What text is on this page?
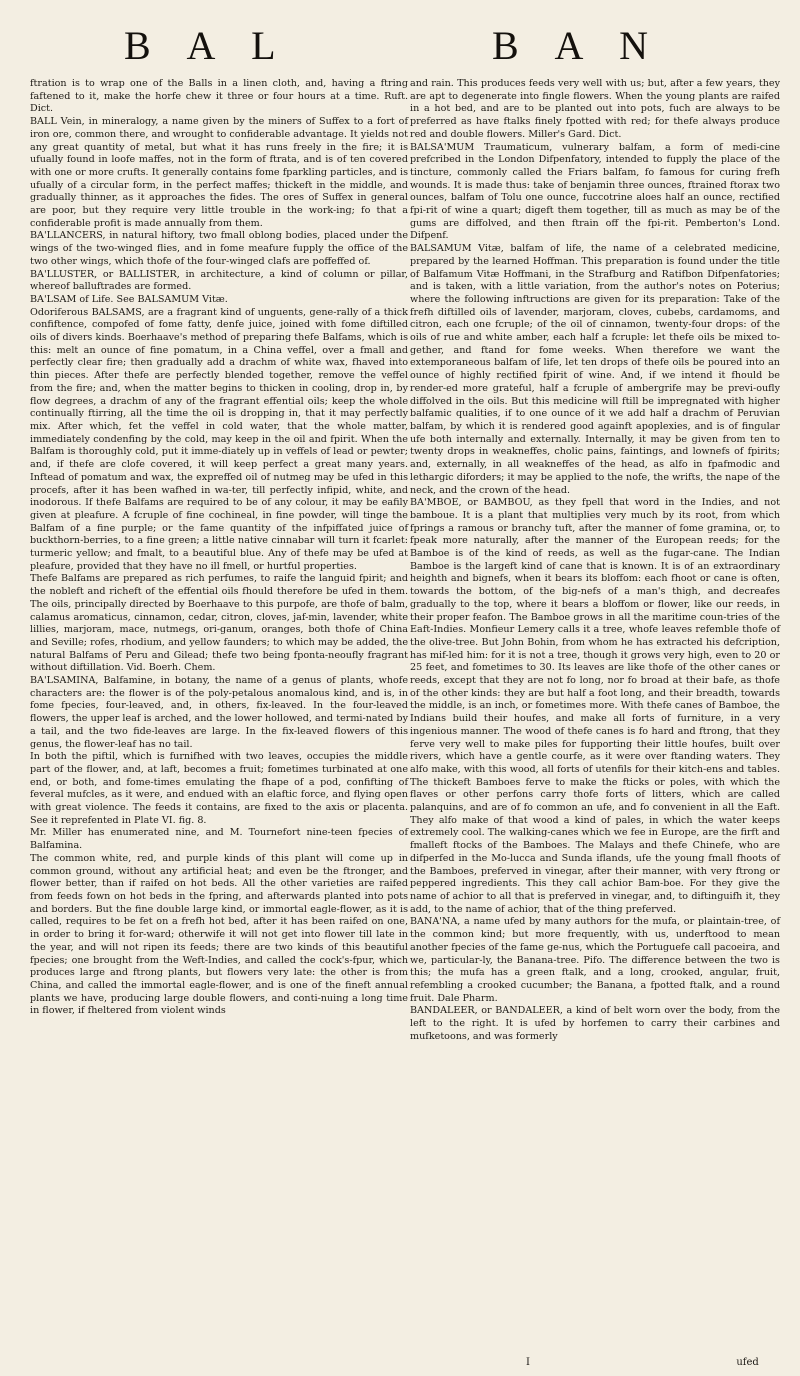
B A L	B A N

ftration is to wrap one of the Balls in a linen cloth, and, having a ftring faftened to it, make the horfe chew it three or four hours at a time. Ruft. Dict.

BALL Vein, in mineralogy, a name given by the miners of Suffex to a fort of iron ore, common there, and wrought to confiderable advantage. It yields not any great quantity of metal, but what it has runs freely in the fire; it is ufually found in loofe maffes, not in the form of ftrata, and is of ten covered with one or more crufts. It generally contains fome fparkling particles, and is ufually of a circular form, in the perfect maffes; thickeft in the middle, and gradually thinner, as it approaches the fides. The ores of Suffex in general are poor, but they require very little trouble in the work-ing; fo that a confiderable profit is made annually from them.

BA'LLANCERS, in natural hiftory, two fmall oblong bodies, placed under the wings of the two-winged flies, and in fome meafure fupply the office of the two other wings, which thofe of the four-winged clafs are poffeffed of.

BA'LLUSTER, or BALLISTER, in architecture, a kind of column or pillar, whereof balluftrades are formed.

BA'LSAM of Life. See BALSAMUM Vitæ.

Odoriferous BALSAMS, are a fragrant kind of unguents, gene-rally of a thick confiftence, compofed of fome fatty, denfe juice, joined with fome diftilled oils of divers kinds. Boerhaave's method of preparing thefe Balfams, which is this: melt an ounce of fine pomatum, in a China veffel, over a fmall and perfectly clear fire; then gradually add a drachm of white wax, fhaved into thin pieces. After thefe are perfectly blended together, remove the veffel from the fire; and, when the matter begins to thicken in cooling, drop in, by flow degrees, a drachm of any of the fragrant effential oils; keep the whole continually ftirring, all the time the oil is dropping in, that it may perfectly mix. After which, fet the veffel in cold water, that the whole matter, immediately condenfing by the cold, may keep in the oil and fpirit. When the Balfam is thoroughly cold, put it imme-diately up in veffels of lead or pewter; and, if thefe are clofe covered, it will keep perfect a great many years. Inftead of pomatum and wax, the expreffed oil of nutmeg may be ufed in this procefs, after it has been wafhed in wa-ter, till perfectly infipid, white, and inodorous. If thefe Balfams are required to be of any colour, it may be eafily given at pleafure. A fcruple of fine cochineal, in fine powder, will tinge the Balfam of a fine purple; or the fame quantity of the infpiffated juice of buckthorn-berries, to a fine green; a little native cinnabar will turn it fcarlet: turmeric yellow; and fmalt, to a beautiful blue. Any of thefe may be ufed at pleafure, provided that they have no ill fmell, or hurtful properties.

Thefe Balfams are prepared as rich perfumes, to raife the languid fpirit; and the nobleft and richeft of the effential oils fhould therefore be ufed in them. The oils, principally directed by Boerhaave to this purpofe, are thofe of balm, calamus aromaticus, cinnamon, cedar, citron, cloves, jaf-min, lavender, white lillies, marjoram, mace, nutmegs, ori-ganum, oranges, both thofe of China and Seville; rofes, rhodium, and yellow faunders; to which may be added, the natural Balfams of Peru and Gilead; thefe two being fponta-neoufly fragrant without diftillation. Vid. Boerh. Chem.

BA'LSAMINA, Balfamine, in botany, the name of a genus of plants, whofe characters are: the flower is of the poly-petalous anomalous kind, and is, in fome fpecies, four-leaved, and, in others, fix-leaved. In the four-leaved flowers, the upper leaf is arched, and the lower hollowed, and termi-nated by a tail, and the two fide-leaves are large. In the fix-leaved flowers of this genus, the flower-leaf has no tail.

In both the piftil, which is furnifhed with two leaves, occupies the middle part of the flower, and, at laft, becomes a fruit; fometimes turbinated at one end, or both, and fome-times emulating the fhape of a pod, confifting of feveral mufcles, as it were, and endued with an elaftic force, and flying open with great violence. The feeds it contains, are fixed to the axis or placenta. See it reprefented in Plate VI. fig. 8.

Mr. Miller has enumerated nine, and M. Tournefort nine-teen fpecies of Balfamina.

The common white, red, and purple kinds of this plant will come up in common ground, without any artificial heat; and even be the ftronger, and flower better, than if raifed on hot beds. All the other varieties are raifed from feeds fown on hot beds in the fpring, and afterwards planted into pots and borders. But the fine double large kind, or immortal eagle-flower, as it is called, requires to be fet on a frefh hot bed, after it has been raifed on one, in order to bring it for-ward; otherwife it will not get into flower till late in the year, and will not ripen its feeds; there are two kinds of this beautiful fpecies; one brought from the Weft-Indies, and called the cock's-fpur, which produces large and ftrong plants, but flowers very late: the other is from China, and called the immortal eagle-flower, and is one of the fineft annual plants we have, producing large double flowers, and conti-nuing a long time in flower, if fheltered from violent winds

and rain. This produces feeds very well with us; but, after a few years, they are apt to degenerate into fingle flowers. When the young plants are raifed in a hot bed, and are to be planted out into pots, fuch are always to be preferred as have ftalks finely fpotted with red; for thefe always produce red and double flowers. Miller's Gard. Dict.

BALSA'MUM Traumaticum, vulnerary balfam, a form of medi-cine prefcribed in the London Difpenfatory, intended to fupply the place of the tincture, commonly called the Friars balfam, fo famous for curing frefh wounds. It is made thus: take of benjamin three ounces, ftrained ftorax two ounces, balfam of Tolu one ounce, fuccotrine aloes half an ounce, rectified fpi-rit of wine a quart; digeft them together, till as much as may be of the gums are diffolved, and then ftrain off the fpi-rit. Pemberton's Lond. Difpenf.

BALSAMUM Vitæ, balfam of life, the name of a celebrated medicine, prepared by the learned Hoffman. This preparation is found under the title of Balfamum Vitæ Hoffmani, in the Strafburg and Ratifbon Difpenfatories; and is taken, with a little variation, from the author's notes on Poterius; where the following inftructions are given for its preparation: Take of the frefh diftilled oils of lavender, marjoram, cloves, cubebs, cardamoms, and citron, each one fcruple; of the oil of cinnamon, twenty-four drops: of the oils of rue and white amber, each half a fcruple: let thefe oils be mixed to-gether, and ftand for fome weeks. When therefore we want the extemporaneous balfam of life, let ten drops of thefe oils be poured into an ounce of highly rectified fpirit of wine. And, if we intend it fhould be render-ed more grateful, half a fcruple of ambergrife may be previ-oufly diffolved in the oils. But this medicine will ftill be impregnated with higher balfamic qualities, if to one ounce of it we add half a drachm of Peruvian balfam, by which it is rendered good againft apoplexies, and is of fingular ufe both internally and externally. Internally, it may be given from ten to twenty drops in weakneffes, cholic pains, faintings, and lownefs of fpirits; and, externally, in all weakneffes of the head, as alfo in fpafmodic and lethargic diforders; it may be applied to the nofe, the wrifts, the nape of the neck, and the crown of the head.

BA'MBOE, or BAMBOU, as they fpell that word in the Indies, and not bamboue. It is a plant that multiplies very much by its root, from which fprings a ramous or branchy tuft, after the manner of fome gramina, or, to fpeak more naturally, after the manner of the European reeds; for the Bamboe is of the kind of reeds, as well as the fugar-cane. The Indian Bamboe is the largeft kind of cane that is known. It is of an extraordinary heighth and bignefs, when it bears its bloffom: each fhoot or cane is often, towards the bottom, of the big-nefs of a man's thigh, and decreafes gradually to the top, where it bears a bloffom or flower, like our reeds, in their proper feafon. The Bamboe grows in all the maritime coun-tries of the Eaft-Indies. Monfieur Lemery calls it a tree, whofe leaves refemble thofe of the olive-tree. But John Bohin, from whom he has extracted his defcription, has mif-led him: for it is not a tree, though it grows very high, even to 20 or 25 feet, and fometimes to 30. Its leaves are like thofe of the other canes or reeds, except that they are not fo long, nor fo broad at their bafe, as thofe of the other kinds: they are but half a foot long, and their breadth, towards the middle, is an inch, or fometimes more. With thefe canes of Bamboe, the Indians build their houfes, and make all forts of furniture, in a very ingenious manner. The wood of thefe canes is fo hard and ftrong, that they ferve very well to make piles for fupporting their little houfes, built over rivers, which have a gentle courfe, as it were over ftanding waters. They alfo make, with this wood, all forts of utenfils for their kitch-ens and tables. The thickeft Bamboes ferve to make the fticks or poles, with which the flaves or other perfons carry thofe forts of litters, which are called palanquins, and are of fo common an ufe, and fo convenient in all the Eaft. They alfo make of that wood a kind of pales, in which the water keeps extremely cool. The walking-canes which we fee in Europe, are the firft and fmalleft ftocks of the Bamboes. The Malays and thefe Chinefe, who are difperfed in the Mo-lucca and Sunda iflands, ufe the young fmall fhoots of the Bamboes, preferved in vinegar, after their manner, with very ftrong or peppered ingredients. This they call achior Bam-boe. For they give the name of achior to all that is preferved in vinegar, and, to diftinguifh it, they add, to the name of achior, that of the thing preferved.

BANA'NA, a name ufed by many authors for the mufa, or plaintain-tree, of the common kind; but more frequently, with us, underftood to mean another fpecies of the fame ge-nus, which the Portuguefe call pacoeira, and we, particular-ly, the Banana-tree. Pifo. The difference between the two is this; the mufa has a green ftalk, and a long, crooked, angular, fruit, refembling a crooked cucumber; the Banana, a fpotted ftalk, and a round fruit. Dale Pharm.

BANDALEER, or BANDALEER, a kind of belt worn over the body, from the left to the right. It is ufed by horfemen to carry their carbines and mufketoons, and was formerly

I	ufed
